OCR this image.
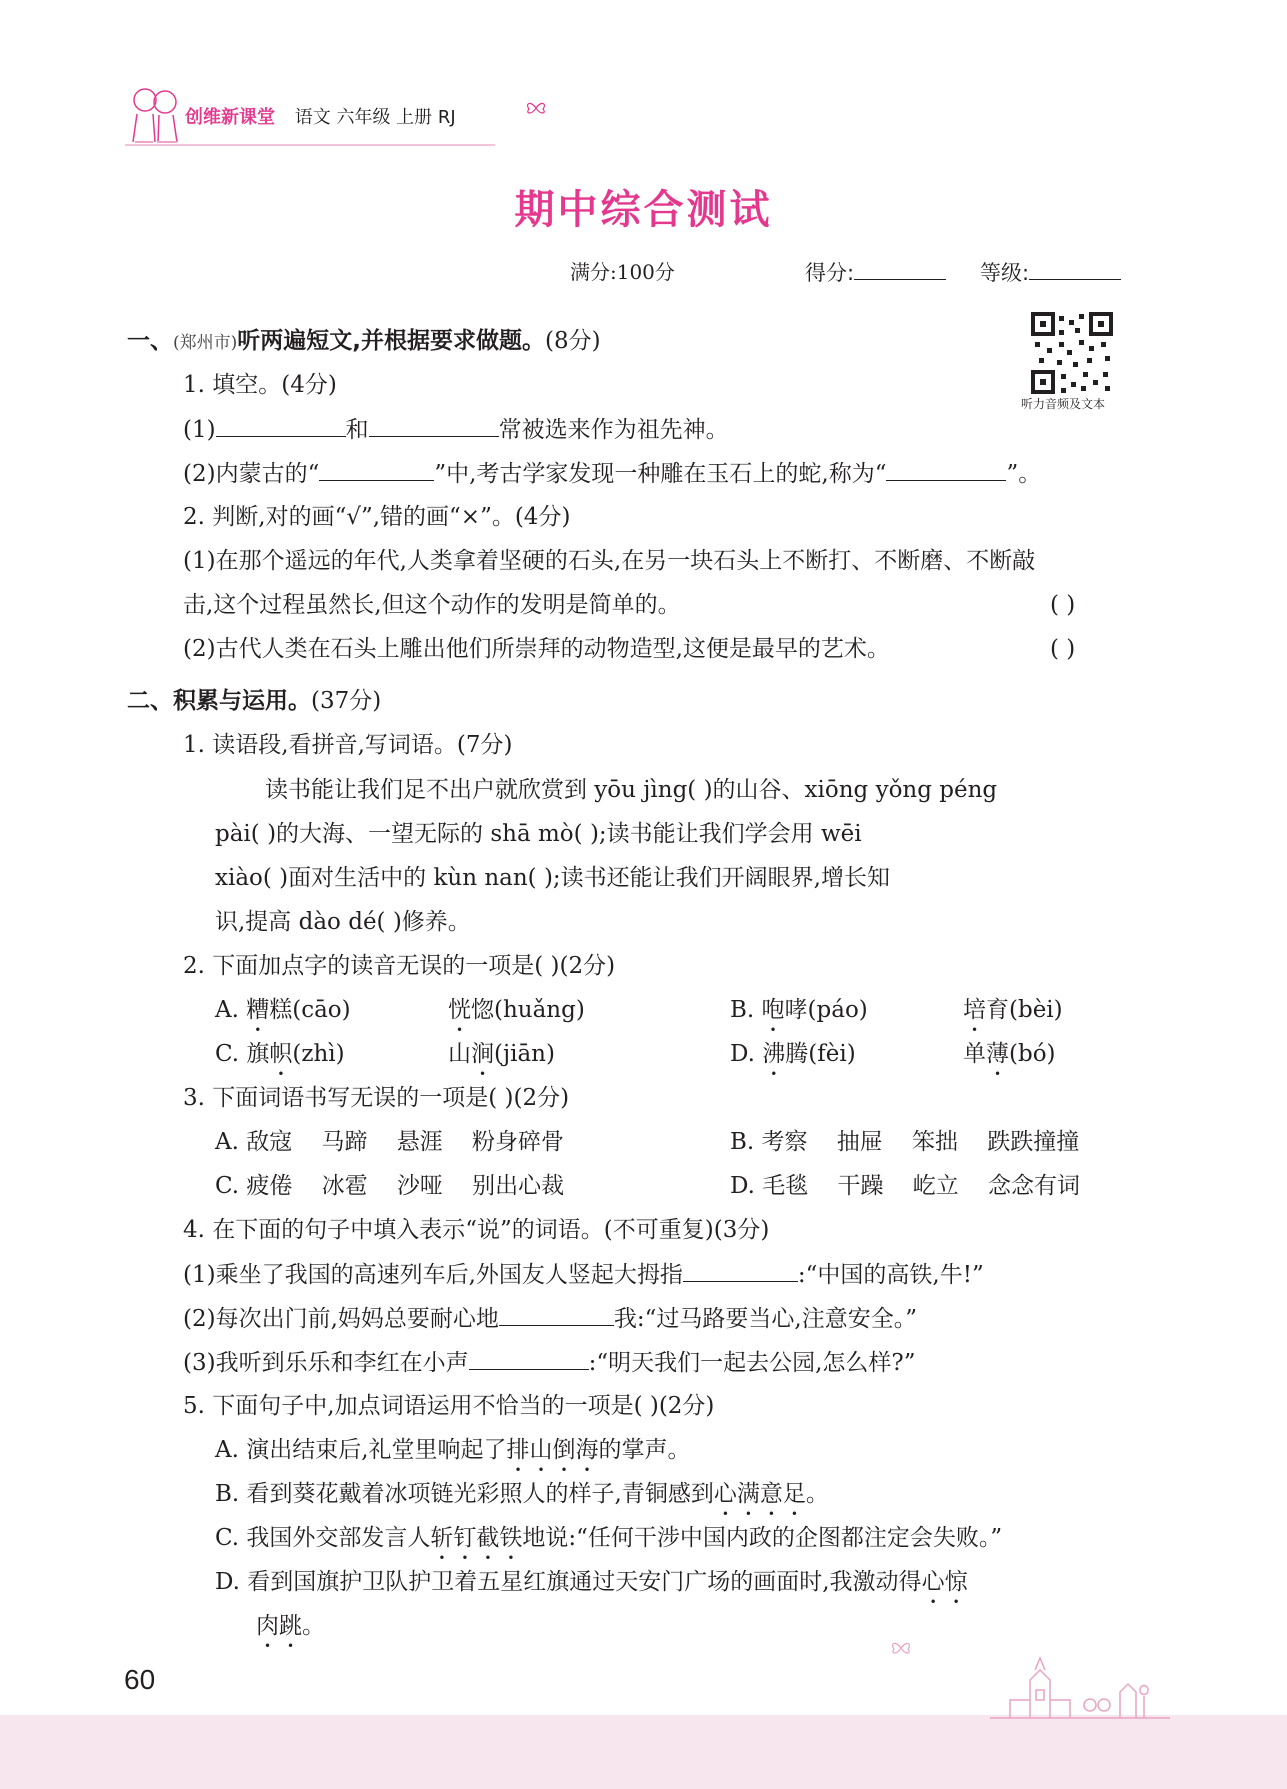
创维新课堂 语文 六年级 上册 RJ
期中综合测试
满分:100分	得分:	等级:
听力音频及文本
一、(郑州市)听两遍短文,并根据要求做题。(8分)
1. 填空。(4分)
(1)	和	常被选来作为祖先神。
(2)内蒙古的“	”中,考古学家发现一种雕在玉石上的蛇,称为“	”。
2. 判断,对的画“√”,错的画“×”。(4分)
(1)在那个遥远的年代,人类拿着坚硬的石头,在另一块石头上不断打、不断磨、不断敲
击,这个过程虽然长,但这个动作的发明是简单的。	( )
(2)古代人类在石头上雕出他们所崇拜的动物造型,这便是最早的艺术。	( )
二、积累与运用。(37分)
1. 读语段,看拼音,写词语。(7分)
读书能让我们足不出户就欣赏到 yōu jìng( )的山谷、xiōng yǒng péng
pài( )的大海、一望无际的 shā mò( );读书能让我们学会用 wēi
xiào( )面对生活中的 kùn nan( );读书还能让我们开阔眼界,增长知
识,提高 dào dé( )修养。
2. 下面加点字的读音无误的一项是( )(2分)
A. 糟糕(cāo)	恍惚(huǎng)	B. 咆哮(páo)	培育(bèi)
C. 旗帜(zhì)	山涧(jiān)	D. 沸腾(fèi)	单薄(bó)
3. 下面词语书写无误的一项是( )(2分)
A. 敌寇    马蹄    悬涯    粉身碎骨	B. 考察    抽屉    笨拙    跌跌撞撞
C. 疲倦    冰雹    沙哑    别出心裁	D. 毛毯    干躁    屹立    念念有词
4. 在下面的句子中填入表示“说”的词语。(不可重复)(3分)
(1)乘坐了我国的高速列车后,外国友人竖起大拇指	:“中国的高铁,牛!”
(2)每次出门前,妈妈总要耐心地	我:“过马路要当心,注意安全。”
(3)我听到乐乐和李红在小声	:“明天我们一起去公园,怎么样?”
5. 下面句子中,加点词语运用不恰当的一项是( )(2分)
A. 演出结束后,礼堂里响起了排山倒海的掌声。
B. 看到葵花戴着冰项链光彩照人的样子,青铜感到心满意足。
C. 我国外交部发言人斩钉截铁地说:“任何干涉中国内政的企图都注定会失败。”
D. 看到国旗护卫队护卫着五星红旗通过天安门广场的画面时,我激动得心惊
肉跳。
60
